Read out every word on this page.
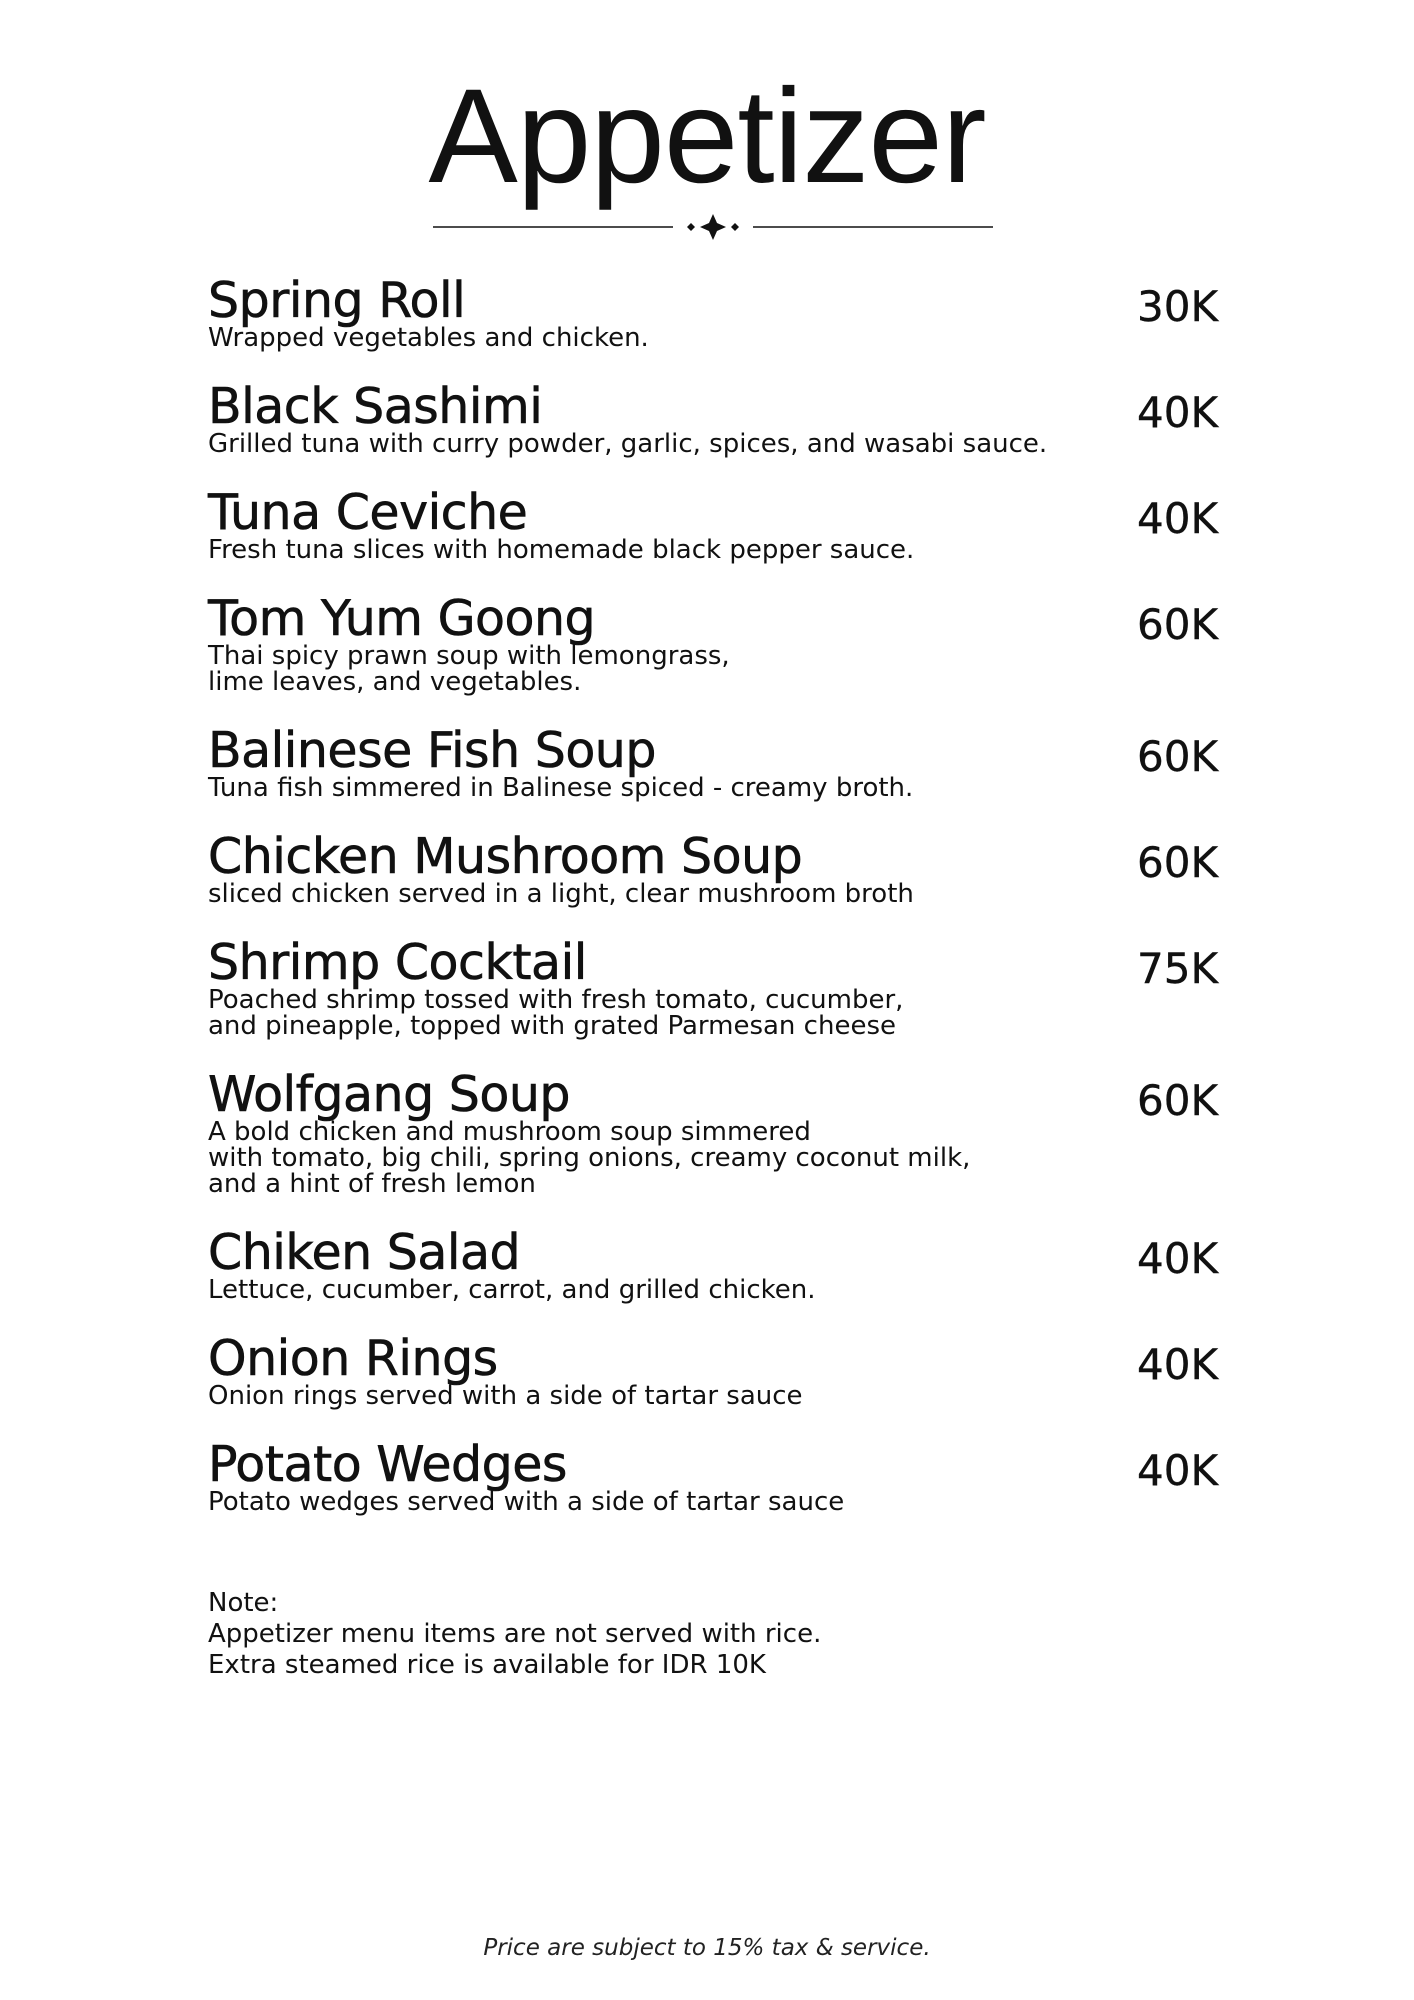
Appetizer
Spring Roll
Wrapped vegetables and chicken.
30K
Black Sashimi
Grilled tuna with curry powder, garlic, spices, and wasabi sauce.
40K
Tuna Ceviche
Fresh tuna slices with homemade black pepper sauce.
40K
Tom Yum Goong
Thai spicy prawn soup with lemongrass,
lime leaves, and vegetables.
60K
Balinese Fish Soup
Tuna fish simmered in Balinese spiced - creamy broth.
60K
Chicken Mushroom Soup
sliced chicken served in a light, clear mushroom broth
60K
Shrimp Cocktail
Poached shrimp tossed with fresh tomato, cucumber,
and pineapple, topped with grated Parmesan cheese
75K
Wolfgang Soup
A bold chicken and mushroom soup simmered
with tomato, big chili, spring onions, creamy coconut milk,
and a hint of fresh lemon
60K
Chiken Salad
Lettuce, cucumber, carrot, and grilled chicken.
40K
Onion Rings
Onion rings served with a side of tartar sauce
40K
Potato Wedges
Potato wedges served with a side of tartar sauce
40K
Note:
Appetizer menu items are not served with rice.
Extra steamed rice is available for IDR 10K
Price are subject to 15% tax & service.
